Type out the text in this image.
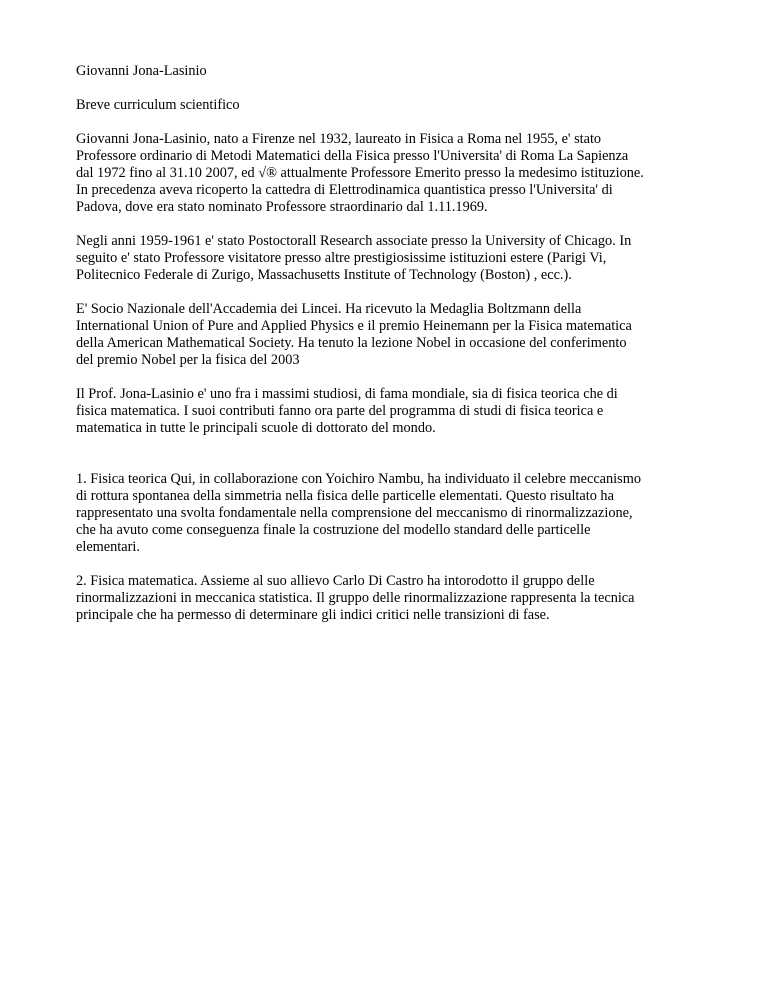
Giovanni Jona-Lasinio
Breve curriculum scientifico
Giovanni Jona-Lasinio, nato a Firenze nel 1932, laureato in Fisica a Roma nel 1955, e' stato
Professore ordinario di Metodi Matematici della Fisica presso l'Universita' di Roma La Sapienza
dal 1972 fino al 31.10 2007, ed √® attualmente Professore Emerito presso la medesimo istituzione.
In precedenza aveva ricoperto la cattedra di Elettrodinamica quantistica presso l'Universita' di
Padova, dove era stato nominato Professore straordinario dal 1.11.1969.
Negli anni 1959-1961 e' stato Postoctorall Research associate presso la University of Chicago. In
seguito e' stato Professore visitatore presso altre prestigiosissime istituzioni estere (Parigi Vi,
Politecnico Federale di Zurigo, Massachusetts Institute of Technology (Boston) , ecc.).
E' Socio Nazionale dell'Accademia dei Lincei. Ha ricevuto la Medaglia Boltzmann della
International Union of Pure and Applied Physics e il premio Heinemann per la Fisica matematica
della American Mathematical Society. Ha tenuto la lezione Nobel in occasione del conferimento
del premio Nobel per la fisica del 2003
Il Prof. Jona-Lasinio e' uno fra i massimi studiosi, di fama mondiale, sia di fisica teorica che di
fisica matematica. I suoi contributi fanno ora parte del programma di studi di fisica teorica e
matematica in tutte le principali scuole di dottorato del mondo.
1. Fisica teorica Qui, in collaborazione con Yoichiro Nambu, ha individuato il celebre meccanismo
di rottura spontanea della simmetria nella fisica delle particelle elementati. Questo risultato ha
rappresentato una svolta fondamentale nella comprensione del meccanismo di rinormalizzazione,
che ha avuto come conseguenza finale la costruzione del modello standard delle particelle
elementari.
2. Fisica matematica. Assieme al suo allievo Carlo Di Castro ha intorodotto il gruppo delle
rinormalizzazioni in meccanica statistica. Il gruppo delle rinormalizzazione rappresenta la tecnica
principale che ha permesso di determinare gli indici critici nelle transizioni di fase.
